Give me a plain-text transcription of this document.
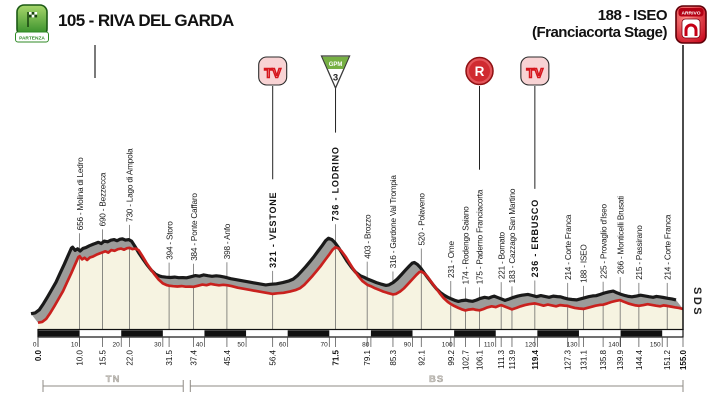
0	10	20	30	40	50	60	70	80	90	100	110	120	130	140	150
0.0	10.0 15.5 22.0	31.5 37.4	45.4	56.4	71.5	79.1 85.3 92.1	99.2 102.7 106.1 111.3 113.9 119.4	127.3 131.1 135.8 139.9 144.4 151.2 155.0
656 - Molina di Ledro 690 - Bezzecca 730 - Lago di Ampola
394 - Storo 384 - Ponte Caffaro	398 - Anfo	321 - VESTONE
736 - LODRINO
403 - Brozzo 316 - Gardone Val Trompia 520 - Polaveno
231 - Ome 174 - Rodengo Saiano 175 - Paderno Franciacorta 221 - Bornato 183 - Cazzago San Martino 236 - ERBUSCO	214 - Corte Franca 188 - ISEO 225 - Provaglio d'Iseo 266 - Monticelli Brusati 215 - Passirano 214 - Corte Franca
TV
GPM
3	R	TV
SDS
TN	BS
PARTENZA
105 - RIVA DEL GARDA	188 - ISEO
(Franciacorta Stage)
ARRIVO
